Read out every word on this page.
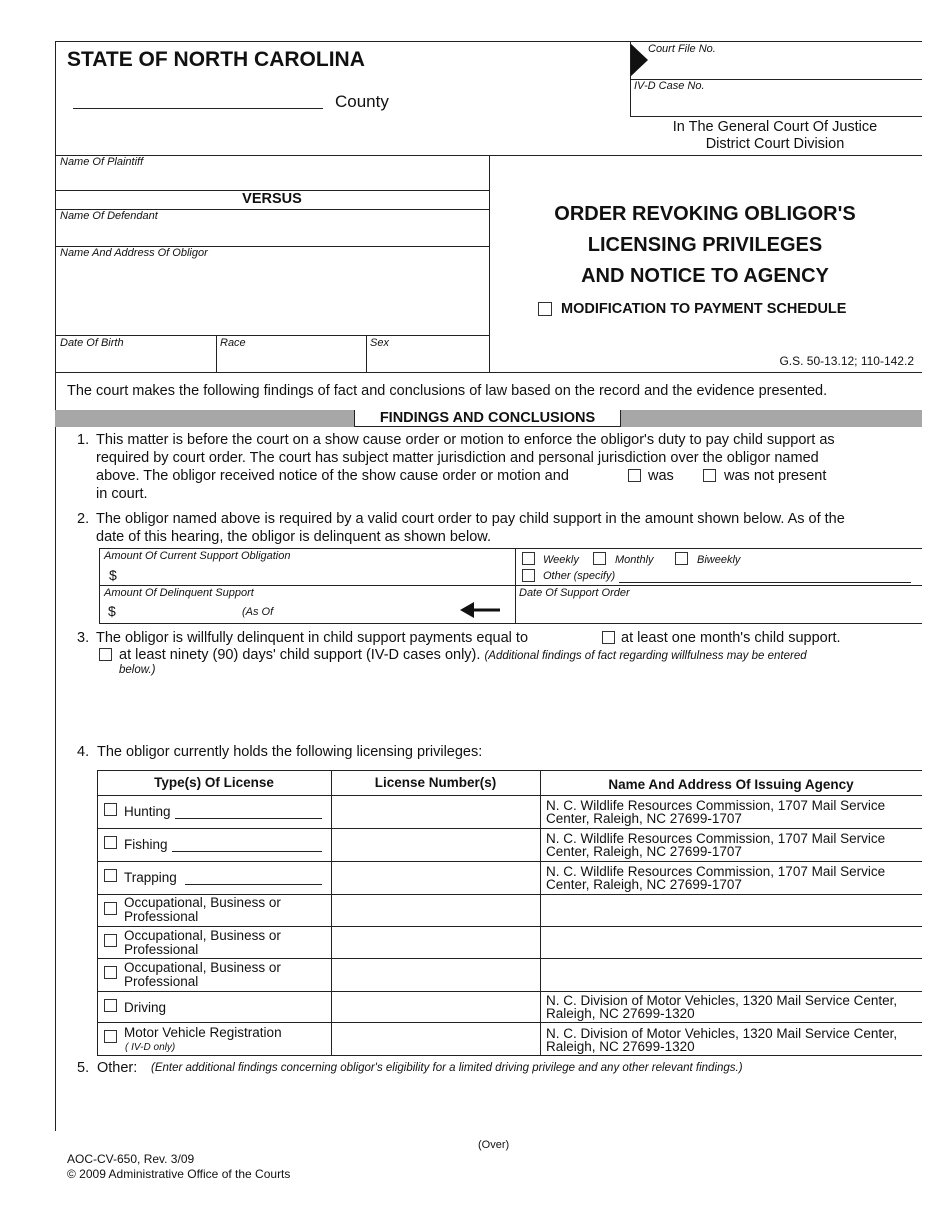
STATE OF NORTH CAROLINA
County
Court File No.
IV-D Case No.
In The General Court Of Justice
District Court Division
Name Of Plaintiff
VERSUS
Name Of Defendant
Name And Address Of Obligor
Date Of Birth	Race	Sex
ORDER REVOKING OBLIGOR'S
LICENSING PRIVILEGES
AND NOTICE TO AGENCY
MODIFICATION TO PAYMENT SCHEDULE
G.S. 50-13.12; 110-142.2
The court makes the following findings of fact and conclusions of law based on the record and the evidence presented.
FINDINGS AND CONCLUSIONS
1. This matter is before the court on a show cause order or motion to enforce the obligor's duty to pay child support as
required by court order. The court has subject matter jurisdiction and personal jurisdiction over the obligor named
above. The obligor received notice of the show cause order or motion and	was	was not present
in court.
2. The obligor named above is required by a valid court order to pay child support in the amount shown below. As of the
date of this hearing, the obligor is delinquent as shown below.
Amount Of Current Support Obligation
$
Amount Of Delinquent Support
$	(As Of
Weekly	Monthly	Biweekly
Other (specify)
Date Of Support Order
3. The obligor is willfully delinquent in child support payments equal to	at least one month's child support.
at least ninety (90) days' child support (IV-D cases only). (Additional findings of fact regarding willfulness may be entered
below.)
4. The obligor currently holds the following licensing privileges:
Type(s) Of License	License Number(s)	Name And Address Of Issuing Agency
Hunting	N. C. Wildlife Resources Commission, 1707 Mail Service
Center, Raleigh, NC 27699-1707
Fishing	N. C. Wildlife Resources Commission, 1707 Mail Service
Center, Raleigh, NC 27699-1707
Trapping	N. C. Wildlife Resources Commission, 1707 Mail Service
Center, Raleigh, NC 27699-1707
Occupational, Business or
Professional
Occupational, Business or
Professional
Occupational, Business or
Professional
Driving	N. C. Division of Motor Vehicles, 1320 Mail Service Center,
Raleigh, NC 27699-1320
Motor Vehicle Registration
( IV-D only)
N. C. Division of Motor Vehicles, 1320 Mail Service Center,
Raleigh, NC 27699-1320
5. Other: (Enter additional findings concerning obligor's eligibility for a limited driving privilege and any other relevant findings.)
(Over)
AOC-CV-650, Rev. 3/09
© 2009 Administrative Office of the Courts
